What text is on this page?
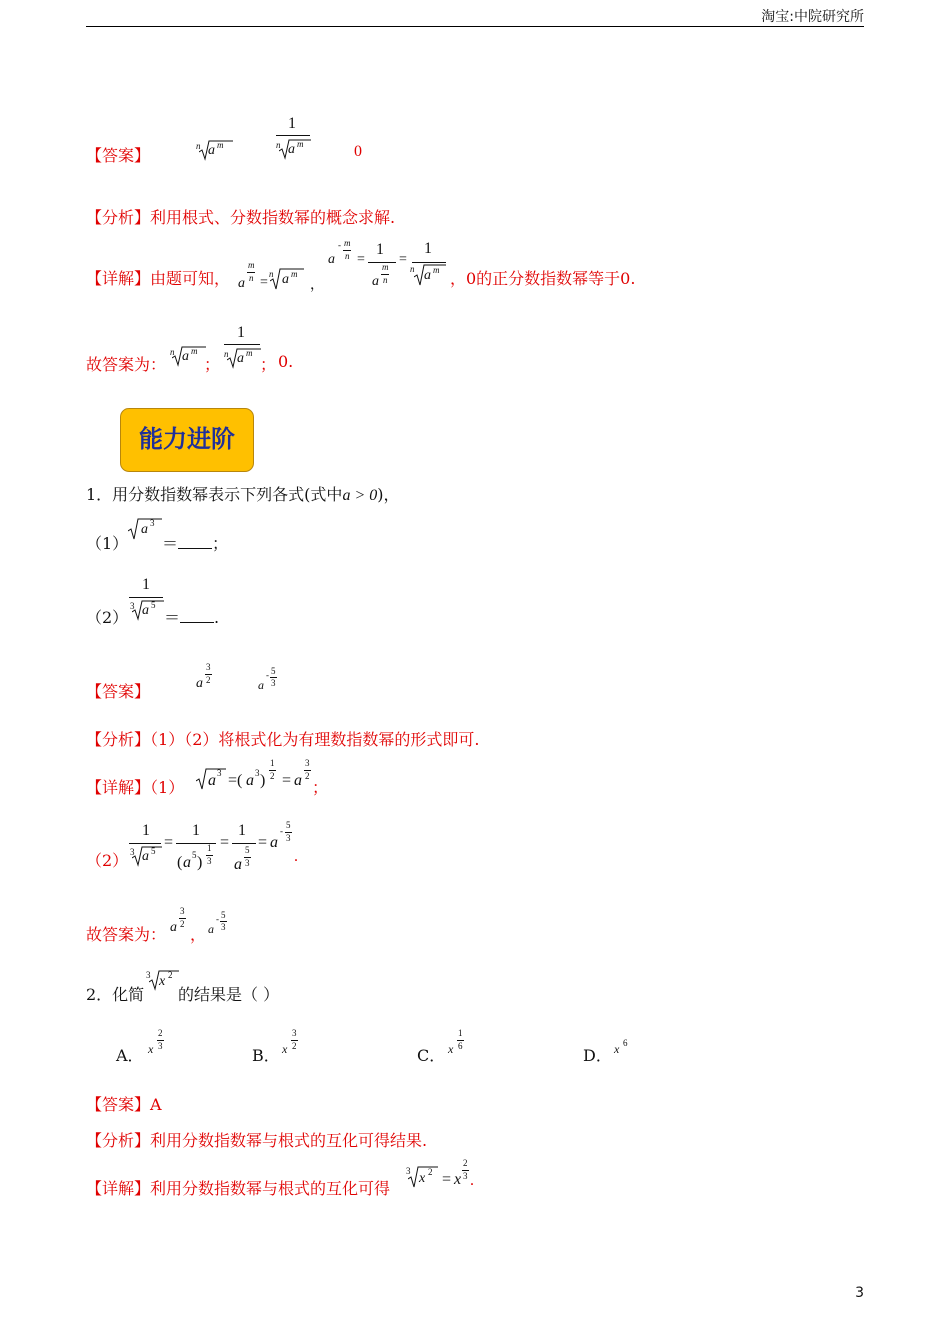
淘宝:中院研究所
【答案】	n a m
1
n a m	0
【分析】利用根式、分数指数幂的概念求解.
【详解】由题可知， a
m
n =
n a m
，
a
- m
n =
1
a
m
n
=
1
n a m ，0的正分数指数幂等于0.
故答案为：
n a m
；
1
n a m
； 0.
能力进阶
1．用分数指数幂表示下列各式(式中a > 0)，
（1）
a 3
＝ ；
（2）
1
3 a 5
＝ .
【答案】	a
3
2	a
- 5
3
【分析】（1）（2）将根式化为有理数指数幂的形式即可.
【详解】（1） a 3 =( a 3 )
1
2 = a
3
2
；
（2）
1
3 a 5 =
1
( a 5 )
1
3
=
1
a
5
3
= a
-
5
3
.
故答案为： a
3
2
， a
- 5
3
2．化简
3 x 2
的结果是（ ）
A． x
2
3	B． x
3
2	C． x
1
6	D． x 6
【答案】A
【分析】利用分数指数幂与根式的互化可得结果.
【详解】利用分数指数幂与根式的互化可得
3 x 2 = x
2
3 .
3
